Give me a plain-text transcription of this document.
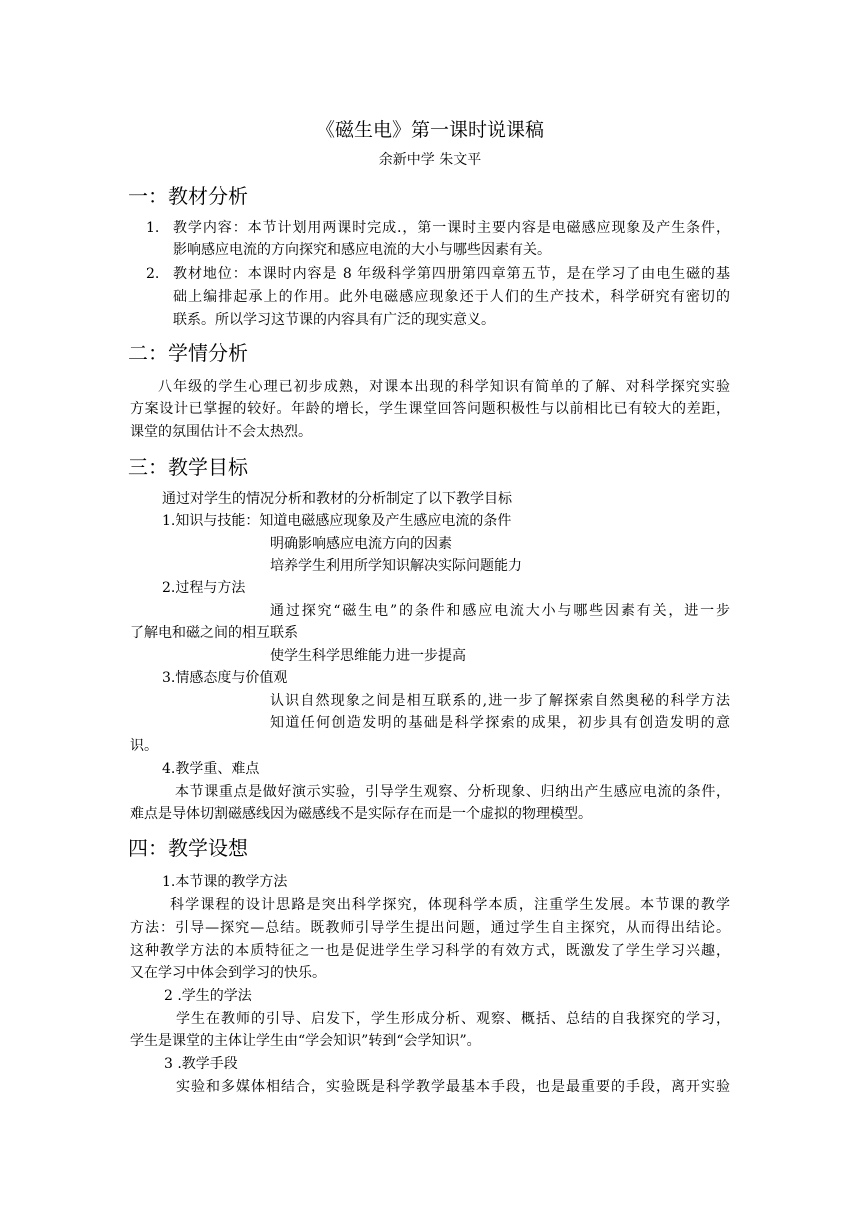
《磁生电》第一课时说课稿
余新中学 朱文平
一：教材分析
1. 教学内容：本节计划用两课时完成.，第一课时主要内容是电磁感应现象及产生条件，
影响感应电流的方向探究和感应电流的大小与哪些因素有关。
2. 教材地位：本课时内容是 8 年级科学第四册第四章第五节，是在学习了由电生磁的基
础上编排起承上的作用。此外电磁感应现象还于人们的生产技术，科学研究有密切的
联系。所以学习这节课的内容具有广泛的现实意义。
二：学情分析
八年级的学生心理已初步成熟，对课本出现的科学知识有简单的了解、对科学探究实验
方案设计已掌握的较好。年龄的增长，学生课堂回答问题积极性与以前相比已有较大的差距，
课堂的氛围估计不会太热烈。
三：教学目标
通过对学生的情况分析和教材的分析制定了以下教学目标
1.知识与技能：知道电磁感应现象及产生感应电流的条件
明确影响感应电流方向的因素
培养学生利用所学知识解决实际问题能力
2.过程与方法
通过探究“磁生电”的条件和感应电流大小与哪些因素有关，进一步
了解电和磁之间的相互联系
使学生科学思维能力进一步提高
3.情感态度与价值观
认识自然现象之间是相互联系的,进一步了解探索自然奥秘的科学方法
知道任何创造发明的基础是科学探索的成果，初步具有创造发明的意
识。
4.教学重、难点
本节课重点是做好演示实验，引导学生观察、分析现象、归纳出产生感应电流的条件，
难点是导体切割磁感线因为磁感线不是实际存在而是一个虚拟的物理模型。
四：教学设想
1.本节课的教学方法
科学课程的设计思路是突出科学探究，体现科学本质，注重学生发展。本节课的教学
方法：引导—探究—总结。既教师引导学生提出问题，通过学生自主探究，从而得出结论。
这种教学方法的本质特征之一也是促进学生学习科学的有效方式，既激发了学生学习兴趣，
又在学习中体会到学习的快乐。
2 .学生的学法
学生在教师的引导、启发下，学生形成分析、观察、概括、总结的自我探究的学习，
学生是课堂的主体让学生由“学会知识”转到“会学知识”。
3 .教学手段
实验和多媒体相结合，实验既是科学教学最基本手段，也是最重要的手段，离开实验
